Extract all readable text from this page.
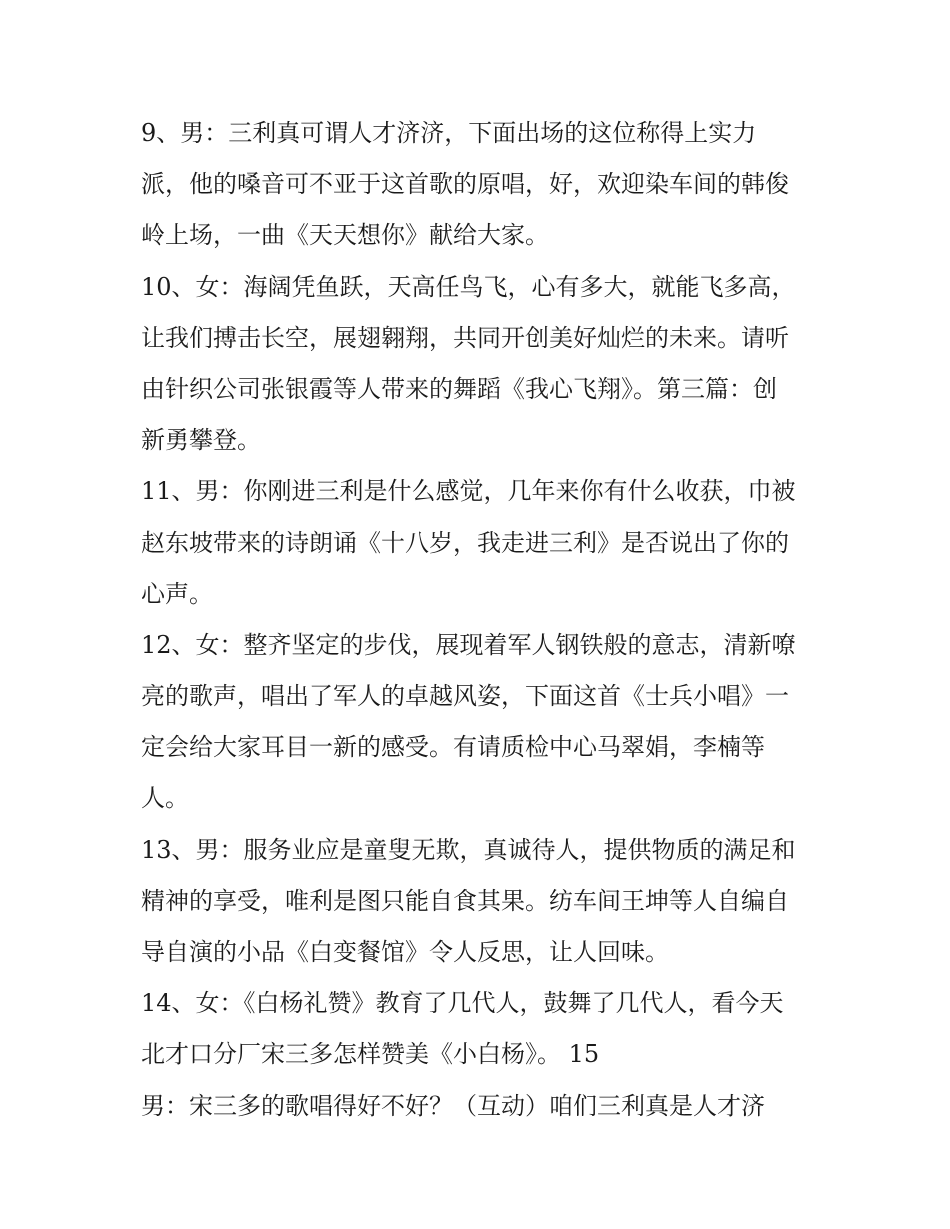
9、男：三利真可谓人才济济，下面出场的这位称得上实力
派，他的嗓音可不亚于这首歌的原唱，好，欢迎染车间的韩俊
岭上场，一曲《天天想你》献给大家。
10、女：海阔凭鱼跃，天高任鸟飞，心有多大，就能飞多高，
让我们搏击长空，展翅翱翔，共同开创美好灿烂的未来。请听
由针织公司张银霞等人带来的舞蹈《我心飞翔》。第三篇：创
新勇攀登。
11、男：你刚进三利是什么感觉，几年来你有什么收获，巾被
赵东坡带来的诗朗诵《十八岁，我走进三利》是否说出了你的
心声。
12、女：整齐坚定的步伐，展现着军人钢铁般的意志，清新嘹
亮的歌声，唱出了军人的卓越风姿，下面这首《士兵小唱》一
定会给大家耳目一新的感受。有请质检中心马翠娟，李楠等
人。
13、男：服务业应是童叟无欺，真诚待人，提供物质的满足和
精神的享受，唯利是图只能自食其果。纺车间王坤等人自编自
导自演的小品《白变餐馆》令人反思，让人回味。
14、女：《白杨礼赞》教育了几代人，鼓舞了几代人，看今天
北才口分厂宋三多怎样赞美《小白杨》。 15
男：宋三多的歌唱得好不好？（互动）咱们三利真是人才济
